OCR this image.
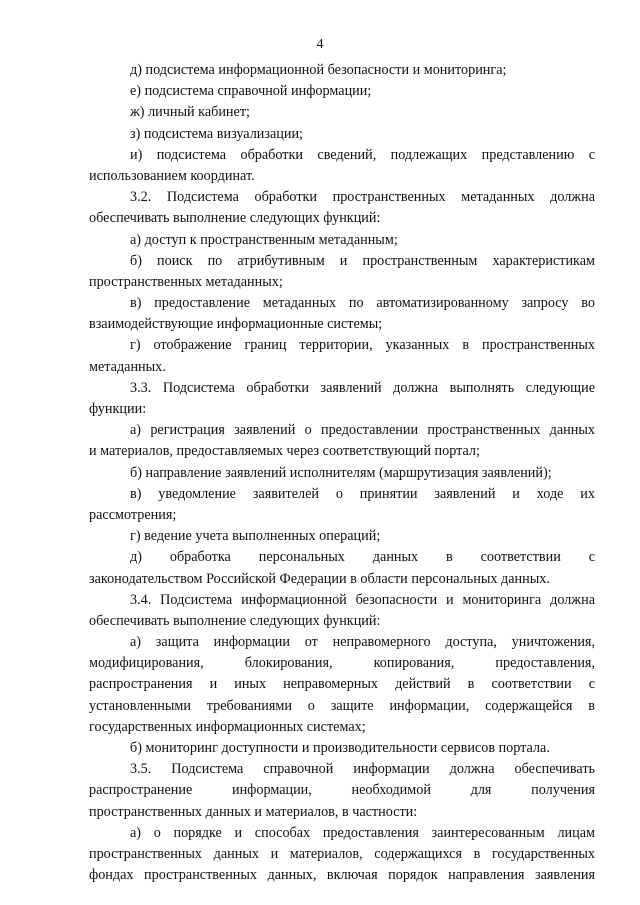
4
д) подсистема информационной безопасности и мониторинга;
е) подсистема справочной информации;
ж) личный кабинет;
з) подсистема визуализации;
и) подсистема обработки сведений, подлежащих представлению с
использованием координат.
3.2. Подсистема обработки пространственных метаданных должна
обеспечивать выполнение следующих функций:
а) доступ к пространственным метаданным;
б) поиск по атрибутивным и пространственным характеристикам
пространственных метаданных;
в) предоставление метаданных по автоматизированному запросу во
взаимодействующие информационные системы;
г) отображение границ территории, указанных в пространственных
метаданных.
3.3. Подсистема обработки заявлений должна выполнять следующие
функции:
а) регистрация заявлений о предоставлении пространственных данных
и материалов, предоставляемых через соответствующий портал;
б) направление заявлений исполнителям (маршрутизация заявлений);
в) уведомление заявителей о принятии заявлений и ходе их
рассмотрения;
г) ведение учета выполненных операций;
д) обработка персональных данных в соответствии с
законодательством Российской Федерации в области персональных данных.
3.4. Подсистема информационной безопасности и мониторинга должна
обеспечивать выполнение следующих функций:
а) защита информации от неправомерного доступа, уничтожения,
модифицирования, блокирования, копирования, предоставления,
распространения и иных неправомерных действий в соответствии с
установленными требованиями о защите информации, содержащейся в
государственных информационных системах;
б) мониторинг доступности и производительности сервисов портала.
3.5. Подсистема справочной информации должна обеспечивать
распространение информации, необходимой для получения
пространственных данных и материалов, в частности:
а) о порядке и способах предоставления заинтересованным лицам
пространственных данных и материалов, содержащихся в государственных
фондах пространственных данных, включая порядок направления заявления
